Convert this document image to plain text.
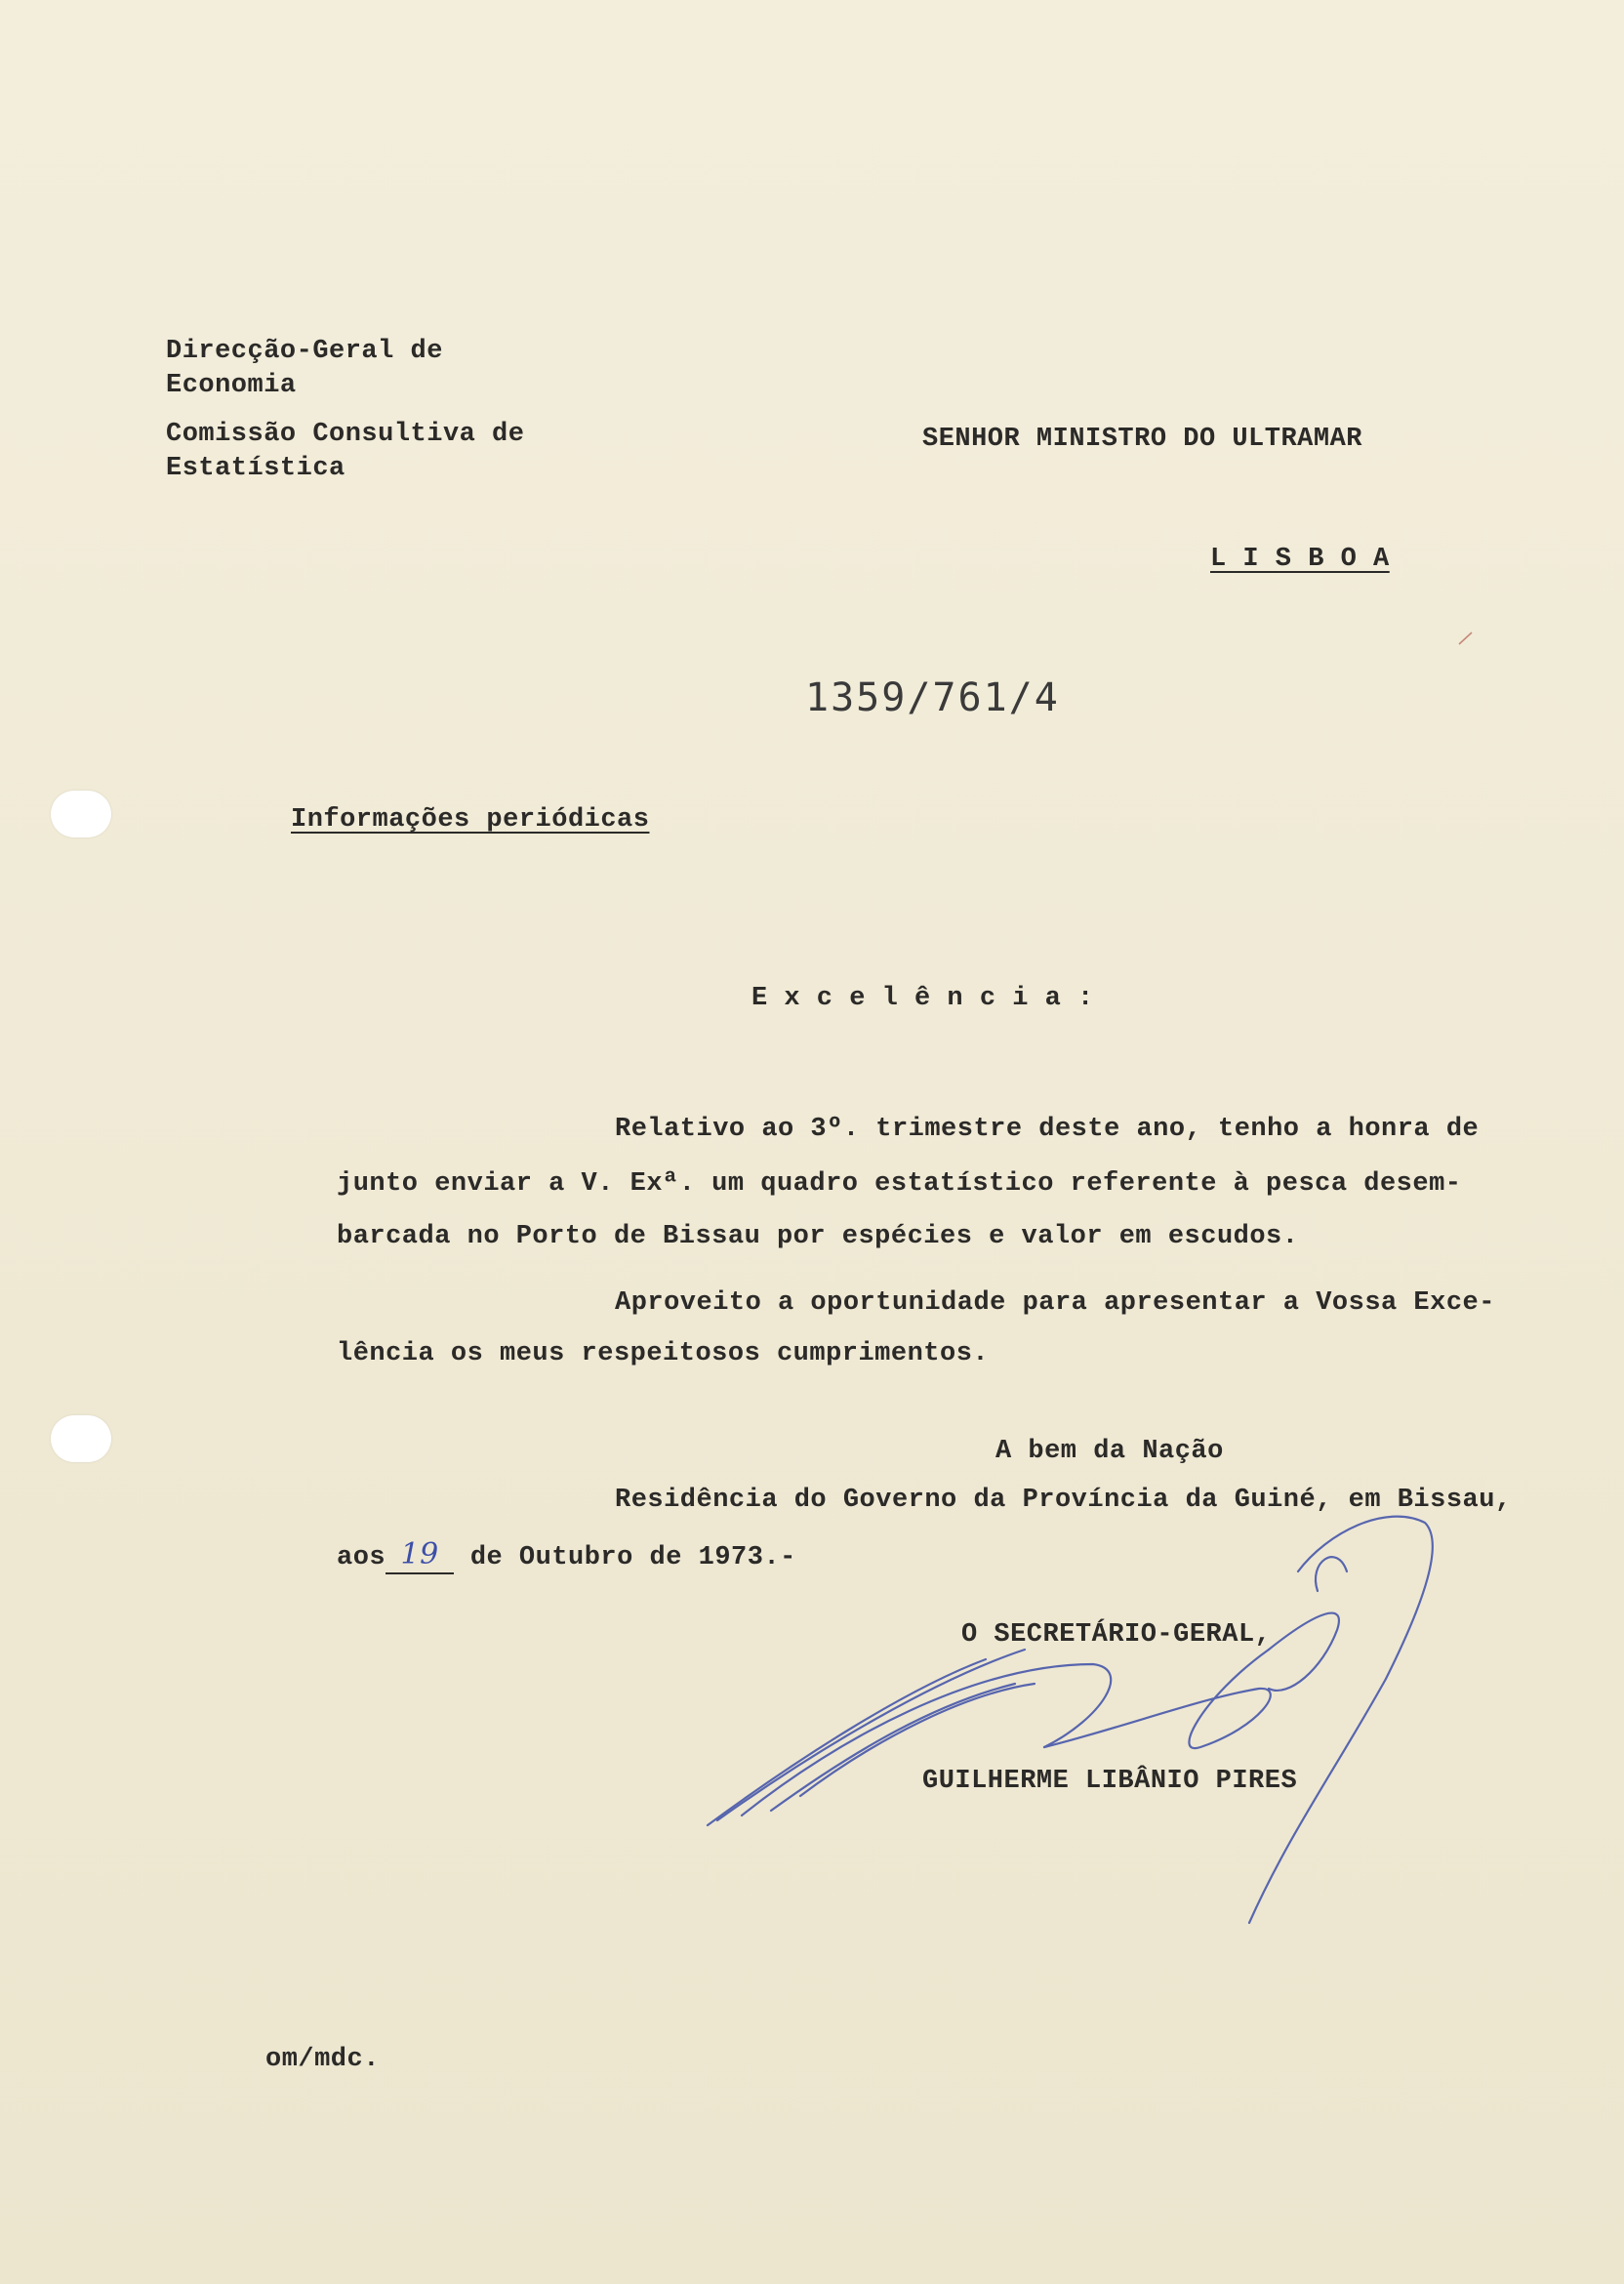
Direcção-Geral de
Economia
Comissão Consultiva de
Estatística
SENHOR MINISTRO DO ULTRAMAR
L I S B O A
1359/761/4
Informações periódicas
E x c e l ê n c i a :
Relativo ao 3º. trimestre deste ano, tenho a honra de
junto enviar a V. Exª. um quadro estatístico referente à pesca desem-
barcada no Porto de Bissau por espécies e valor em escudos.
Aproveito a oportunidade para apresentar a Vossa Exce-
lência os meus respeitosos cumprimentos.
A bem da Nação
Residência do Governo da Província da Guiné, em Bissau,
aos 19 de Outubro de 1973.-
O SECRETÁRIO-GERAL,
GUILHERME LIBÂNIO PIRES
om/mdc.
